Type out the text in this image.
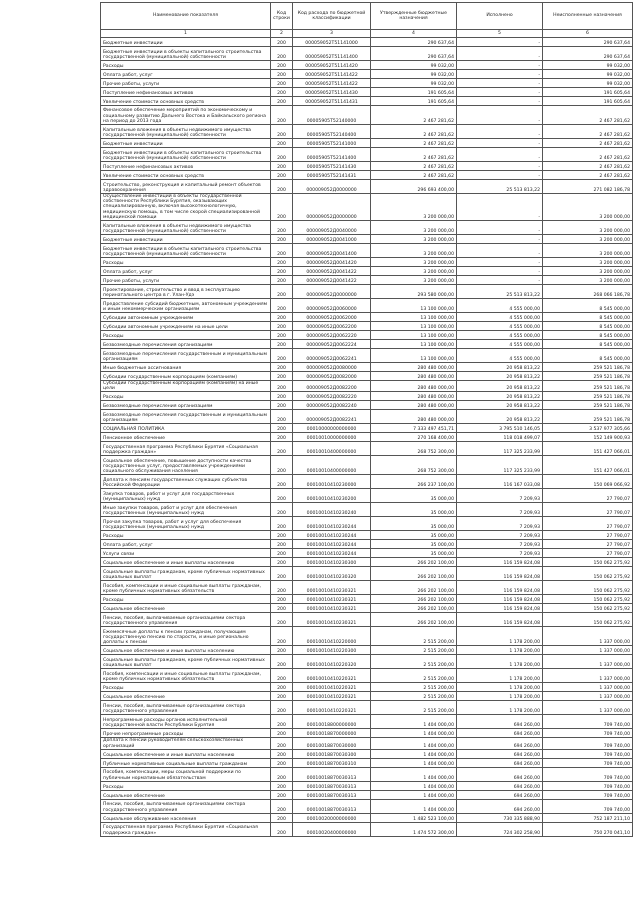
Наименование показателя	Код строки	Код расхода по бюджетной классификации	Утвержденные бюджетные назначения	Исполнено	Неисполненные назначения
1	2	3	4	5	6
Бюджетные инвестиции	200	000059052Т51141000	290 637,64	-	290 637,64
Бюджетные инвестиции в объекты капитального строительства государственной (муниципальной) собственности	200	000059052Т51141400	290 637,64	-	290 637,64
Расходы	200	000059052Т51141420	99 032,00	-	99 032,00
Оплата работ, услуг	200	000059052Т51141422	99 032,00	-	99 032,00
Прочие работы, услуги	200	000059052Т51141422	99 032,00	-	99 032,00
Поступление нефинансовых активов	200	000059052Т51141430	191 605,64	-	191 605,64
Увеличение стоимости основных средств	200	000059052Т51141431	191 605,64	-	191 605,64
Финансовое обеспечение мероприятий по экономическому и социальному развитию Дальнего Востока и Байкальского региона на период до 2013 года	200	00005905Т52140000	2 467 281,62	-	2 467 281,62
Капитальные вложения в объекты недвижимого имущества государственной (муниципальной) собственности	200	00005905Т52140400	2 467 281,62	-	2 467 281,62
Бюджетные инвестиции	200	00005905Т52141000	2 467 281,62	-	2 467 281,62
Бюджетные инвестиции в объекты капитального строительства государственной (муниципальной) собственности	200	00005905Т52141400	2 467 281,62	-	2 467 281,62
Поступление нефинансовых активов	200	00005905Т52141430	2 467 281,62	-	2 467 281,62
Увеличение стоимости основных средств	200	00005905Т52141431	2 467 281,62	-	2 467 281,62
Строительство, реконструкция и капитальный ремонт объектов здравоохранения	200	000009052Д0000000	296 693 400,00	25 513 813,22	271 082 186,78
Осуществление инвестиций в объекты государственной собственности Республики Бурятия, оказывающих специализированную, включая высокотехнологичную, медицинскую помощь, в том числе скорой специализированной медицинской помощи	200	000009052Д0000000	3 200 000,00	-	3 200 000,00
Капитальные вложения в объекты недвижимого имущества государственной (муниципальной) собственности	200	000009052Д0040000	3 200 000,00	-	3 200 000,00
Бюджетные инвестиции	200	000009052Д0041000	3 200 000,00	-	3 200 000,00
Бюджетные инвестиции в объекты капитального строительства государственной (муниципальной) собственности	200	000009052Д0041400	3 200 000,00	-	3 200 000,00
Расходы	200	000009052Д0041420	3 200 000,00	-	3 200 000,00
Оплата работ, услуг	200	000009052Д0041422	3 200 000,00	-	3 200 000,00
Прочие работы, услуги	200	000009052Д0041422	3 200 000,00	-	3 200 000,00
Проектирование, строительство и ввод в эксплуатацию перинатального центра в г. Улан-Удэ	200	000009052Д0000000	293 580 000,00	25 513 813,22	268 066 186,78
Предоставление субсидий бюджетным, автономным учреждениям и иным некоммерческим организациям	200	000009052Д0060000	13 100 000,00	4 555 000,00	8 545 000,00
Субсидии автономным учреждениям	200	000009052Д0062000	13 100 000,00	4 555 000,00	8 545 000,00
Субсидии автономным учреждениям на иные цели	200	000009052Д0062200	13 100 000,00	4 555 000,00	8 545 000,00
Расходы	200	000009052Д0062220	13 100 000,00	4 555 000,00	8 545 000,00
Безвозмездные перечисления организациям	200	000009052Д0062224	13 100 000,00	4 555 000,00	8 545 000,00
Безвозмездные перечисления государственным и муниципальным организациям	200	000009052Д0062241	13 100 000,00	4 555 000,00	8 545 000,00
Иные бюджетные ассигнования	200	000009052Д0080000	280 480 000,00	20 958 813,22	259 521 186,78
Субсидии государственным корпорациям (компаниям)	200	000009052Д0082000	280 480 000,00	20 958 813,22	259 521 186,78
Субсидии государственным корпорациям (компаниям) на иные цели	200	000009052Д0082200	280 480 000,00	20 958 813,22	259 521 186,78
Расходы	200	000009052Д0082220	280 480 000,00	20 958 813,22	259 521 186,78
Безвозмездные перечисления организациям	200	000009052Д0082240	280 480 000,00	20 958 813,22	259 521 186,78
Безвозмездные перечисления государственным и муниципальным организациям	200	000009052Д0082241	280 480 000,00	20 958 813,22	259 521 186,78
СОЦИАЛЬНАЯ ПОЛИТИКА	200	00010000000000000	7 333 497 451,71	3 795 510 146,05	3 537 977 305,66
Пенсионное обеспечение	200	00010010000000000	270 168 400,00	118 018 499,07	152 149 900,93
Государственная программа Республики Бурятия «Социальная поддержка граждан»	200	00010010400000000	268 752 300,00	117 325 233,99	151 427 066,01
Социальное обеспечение, повышение доступности качества государственных услуг, предоставляемых учреждениями социального обслуживания населения	200	00010010400000000	268 752 300,00	117 325 233,99	151 427 066,01
Доплата к пенсиям государственных служащих субъектов Российской Федерации	200	00010010410230000	266 237 100,00	116 167 033,08	150 069 066,92
Закупка товаров, работ и услуг для государственных (муниципальных) нужд	200	00010010410230200	35 000,00	7 209,93	27 790,07
Иные закупки товаров, работ и услуг для обеспечения государственных (муниципальных) нужд	200	00010010410230240	35 000,00	7 209,93	27 790,07
Прочая закупка товаров, работ и услуг для обеспечения государственных (муниципальных) нужд	200	00010010410230244	35 000,00	7 209,93	27 790,07
Расходы	200	00010010410230244	35 000,00	7 209,93	27 790,07
Оплата работ, услуг	200	00010010410230244	35 000,00	7 209,93	27 790,07
Услуги связи	200	00010010410230244	35 000,00	7 209,93	27 790,07
Социальное обеспечение и иные выплаты населению	200	00010010410230300	266 202 100,00	116 159 824,08	150 062 275,92
Социальные выплаты гражданам, кроме публичных нормативных социальных выплат	200	00010010410230320	266 202 100,00	116 159 824,08	150 062 275,92
Пособия, компенсации и иные социальные выплаты гражданам, кроме публичных нормативных обязательств	200	00010010410230321	266 202 100,00	116 159 824,08	150 062 275,92
Расходы	200	00010010410230321	266 202 100,00	116 159 824,08	150 062 275,92
Социальное обеспечение	200	00010010410230321	266 202 100,00	116 159 824,08	150 062 275,92
Пенсии, пособия, выплачиваемые организациями сектора государственного управления	200	00010010410230321	266 202 100,00	116 159 824,08	150 062 275,92
Ежемесячные доплаты к пенсии гражданам, получающим государственную пенсию по старости, и иные регионально доплаты к пенсии	200	00010010410220000	2 515 200,00	1 178 200,00	1 337 000,00
Социальное обеспечение и иные выплаты населению	200	00010010410220300	2 515 200,00	1 178 200,00	1 337 000,00
Социальные выплаты гражданам, кроме публичных нормативных социальных выплат	200	00010010410220320	2 515 200,00	1 178 200,00	1 337 000,00
Пособия, компенсации и иные социальные выплаты гражданам, кроме публичных нормативных обязательств	200	00010010410220321	2 515 200,00	1 178 200,00	1 337 000,00
Расходы	200	00010010410220321	2 515 200,00	1 178 200,00	1 337 000,00
Социальное обеспечение	200	00010010410220321	2 515 200,00	1 178 200,00	1 337 000,00
Пенсии, пособия, выплачиваемые организациями сектора государственного управления	200	00010010410220321	2 515 200,00	1 178 200,00	1 337 000,00
Непрограммные расходы органов исполнительной государственной власти Республики Бурятия	200	00010018800000000	1 404 000,00	694 260,00	709 740,00
Прочие непрограммные расходы	200	00010018870000000	1 404 000,00	694 260,00	709 740,00
Доплата к пенсии руководителям сельскохозяйственных организаций	200	00010018870030000	1 404 000,00	694 260,00	709 740,00
Социальное обеспечение и иные выплаты населению	200	00010018870030300	1 404 000,00	694 260,00	709 740,00
Публичные нормативные социальные выплаты гражданам	200	00010018870030310	1 404 000,00	694 260,00	709 740,00
Пособия, компенсации, меры социальной поддержки по публичным нормативным обязательствам	200	00010018870030313	1 404 000,00	694 260,00	709 740,00
Расходы	200	00010018870030313	1 404 000,00	694 260,00	709 740,00
Социальное обеспечение	200	00010018870030313	1 404 000,00	694 260,00	709 740,00
Пенсии, пособия, выплачиваемые организациями сектора государственного управления	200	00010018870030313	1 404 000,00	694 260,00	709 740,00
Социальное обслуживание населения	200	00010020000000000	1 482 523 100,00	730 335 888,90	752 187 211,10
Государственная программа Республики Бурятия «Социальная поддержка граждан»	200	00010020400000000	1 474 572 300,00	724 302 258,90	750 270 041,10
